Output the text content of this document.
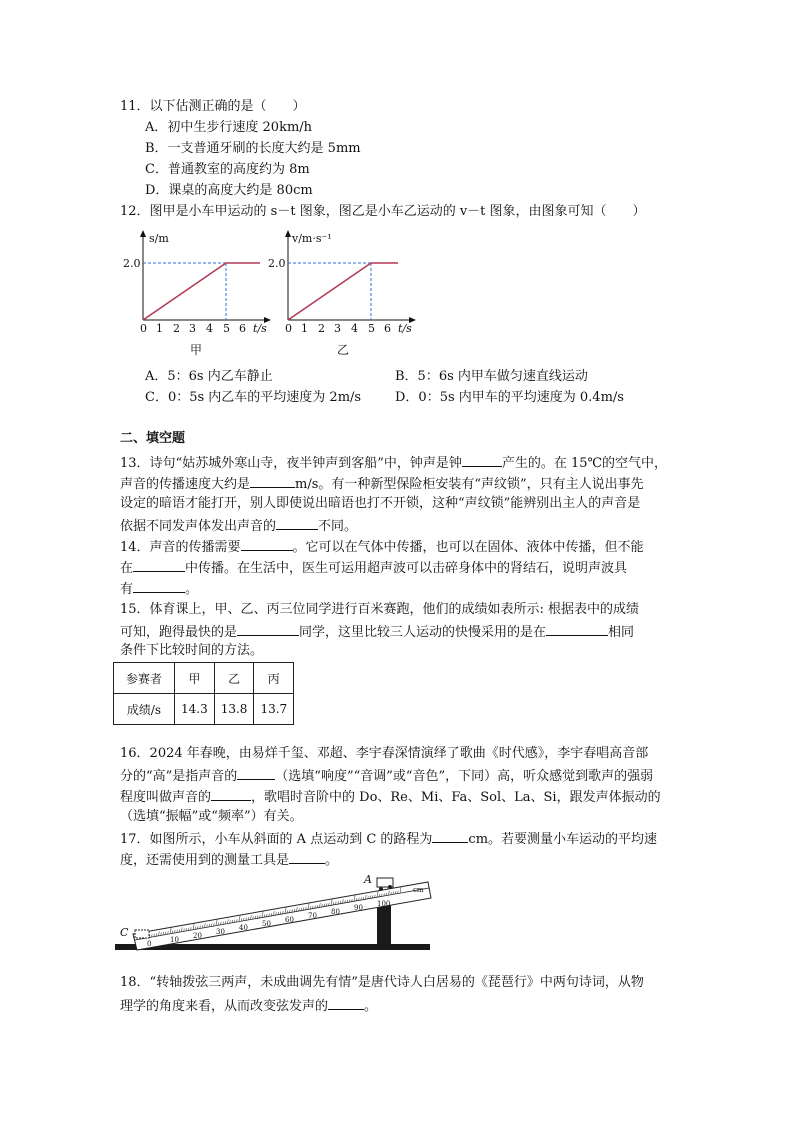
11．以下估测正确的是（　　）
A．初中生步行速度 20km/h
B．一支普通牙刷的长度大约是 5mm
C．普通教室的高度约为 8m
D．课桌的高度大约是 80cm
12．图甲是小车甲运动的 s－t 图象，图乙是小车乙运动的 v－t 图象，由图象可知（　　）
s/m
2.0
0 1 2 3 4 5 6 t/s
甲
v/m·s⁻¹
2.0
0 1 2 3 4 5 6 t/s
乙
A．5：6s 内乙车静止	B．5：6s 内甲车做匀速直线运动
C．0：5s 内乙车的平均速度为 2m/s	D．0：5s 内甲车的平均速度为 0.4m/s
二、填空题
13．诗句“姑苏城外寒山寺，夜半钟声到客船”中，钟声是钟	产生的。在 15℃的空气中，
声音的传播速度大约是	m/s。有一种新型保险柜安装有“声纹锁”，只有主人说出事先
设定的暗语才能打开，别人即使说出暗语也打不开锁，这种“声纹锁”能辨别出主人的声音是
依据不同发声体发出声音的	不同。
14．声音的传播需要	。它可以在气体中传播，也可以在固体、液体中传播，但不能
在	中传播。在生活中，医生可运用超声波可以击碎身体中的肾结石，说明声波具
有	。
15．体育课上，甲、乙、丙三位同学进行百米赛跑，他们的成绩如表所示: 根据表中的成绩
可知，跑得最快的是	同学，这里比较三人运动的快慢采用的是在	相同
条件下比较时间的方法。
参赛者	甲	乙	丙
成绩/s	14.3	13.8	13.7
16．2024 年春晚，由易烊千玺、邓超、李宇春深情演绎了歌曲《时代感》，李宇春唱高音部
分的“高”是指声音的	（选填“响度”“音调”或“音色”，下同）高，听众感觉到歌声的强弱
程度叫做声音的	，歌唱时音阶中的 Do、Re、Mi、Fa、Sol、La、Si，跟发声体振动的
（选填“振幅”或“频率”）有关。
17．如图所示，小车从斜面的 A 点运动到 C 的路程为	cm。若要测量小车运动的平均速
度，还需使用到的测量工具是	。
0	10 20 30 40 50 60 70 80 90 100
cm
A
C
18．“转轴拨弦三两声，未成曲调先有情”是唐代诗人白居易的《琵琶行》中两句诗词，从物
理学的角度来看，从而改变弦发声的	。
